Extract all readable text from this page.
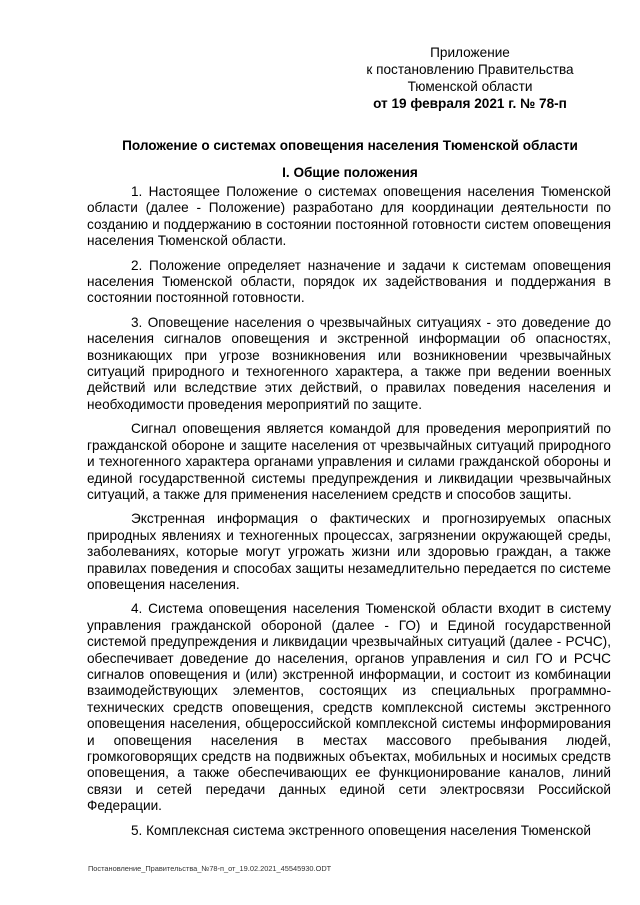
Приложение
к постановлению Правительства
Тюменской области
от 19 февраля 2021 г. № 78-п
Положение о системах оповещения населения Тюменской области
I. Общие положения

1. Настоящее Положение о системах оповещения населения Тюменской области (далее - Положение) разработано для координации деятельности по созданию и поддержанию в состоянии постоянной готовности систем оповещения населения Тюменской области.

2. Положение определяет назначение и задачи к системам оповещения населения Тюменской области, порядок их задействования и поддержания в состоянии постоянной готовности.

3. Оповещение населения о чрезвычайных ситуациях - это доведение до населения сигналов оповещения и экстренной информации об опасностях, возникающих при угрозе возникновения или возникновении чрезвычайных ситуаций природного и техногенного характера, а также при ведении военных действий или вследствие этих действий, о правилах поведения населения и необходимости проведения мероприятий по защите.

Сигнал оповещения является командой для проведения мероприятий по гражданской обороне и защите населения от чрезвычайных ситуаций природного и техногенного характера органами управления и силами гражданской обороны и единой государственной системы предупреждения и ликвидации чрезвычайных ситуаций, а также для применения населением средств и способов защиты.

Экстренная информация о фактических и прогнозируемых опасных природных явлениях и техногенных процессах, загрязнении окружающей среды, заболеваниях, которые могут угрожать жизни или здоровью граждан, а также правилах поведения и способах защиты незамедлительно передается по системе оповещения населения.

4. Система оповещения населения Тюменской области входит в систему управления гражданской обороной (далее - ГО) и Единой государственной системой предупреждения и ликвидации чрезвычайных ситуаций (далее - РСЧС), обеспечивает доведение до населения, органов управления и сил ГО и РСЧС сигналов оповещения и (или) экстренной информации, и состоит из комбинации взаимодействующих элементов, состоящих из специальных программно-технических средств оповещения, средств комплексной системы экстренного оповещения населения, общероссийской комплексной системы информирования и оповещения населения в местах массового пребывания людей, громкоговорящих средств на подвижных объектах, мобильных и носимых средств оповещения, а также обеспечивающих ее функционирование каналов, линий связи и сетей передачи данных единой сети электросвязи Российской Федерации.

5. Комплексная система экстренного оповещения населения Тюменской

Постановление_Правительства_№78-п_от_19.02.2021_45545930.ODT
